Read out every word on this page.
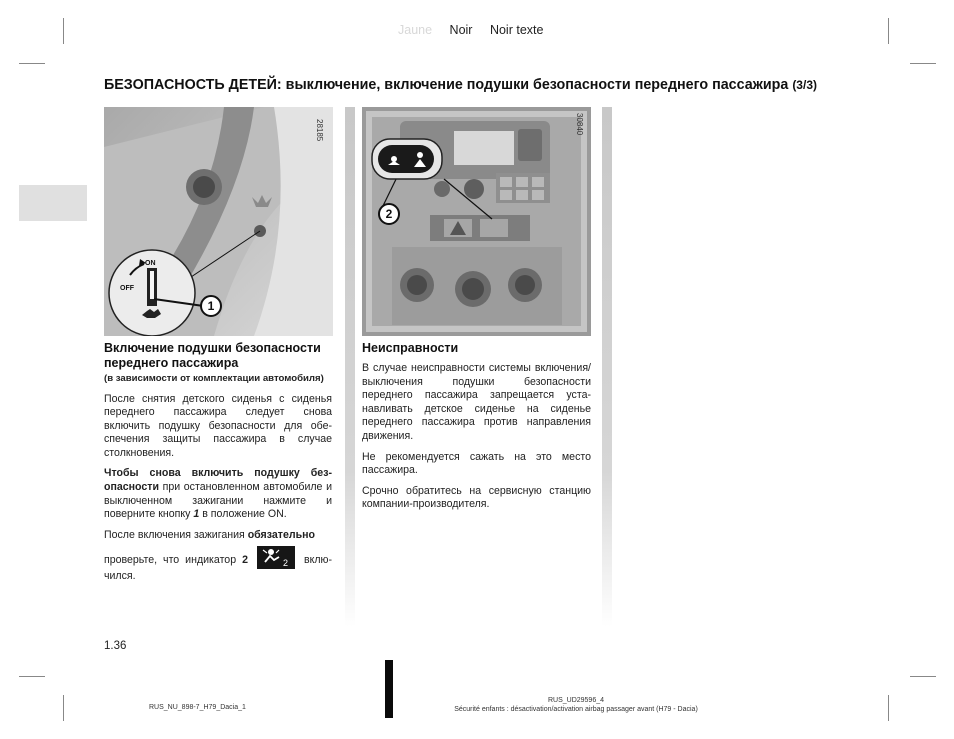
Jaune Noir Noir texte
БЕЗОПАСНОСТЬ ДЕТЕЙ: выключение, включение подушки безопасности переднего пассажира (3/3)
ON
OFF
1
28185
2
30840
Включение подушки безопасности переднего пассажира
(в зависимости от комплектации автомобиля)

После снятия детского сиденья с сиденья переднего пассажира следует снова включить подушку безопасности для обеспечения защиты пассажира в случае столкновения.

Чтобы снова включить подушку безопасности при остановленном автомобиле и выключенном зажигании нажмите и поверните кнопку 1 в положение ON.

После включения зажигания обязательно

проверьте, что индикатор 2	2 включился.

Неисправности

В случае неисправности системы включения/выключения подушки безопасности переднего пассажира запрещается устанавливать детское сиденье на сиденье переднего пассажира против направления движения.

Не рекомендуется сажать на это место пассажира.

Срочно обратитесь на сервисную станцию компании-производителя.

1.36
RUS_NU_898-7_H79_Dacia_1
RUS_UD29596_4
Sécurité enfants : désactivation/activation airbag passager avant (H79 - Dacia)
